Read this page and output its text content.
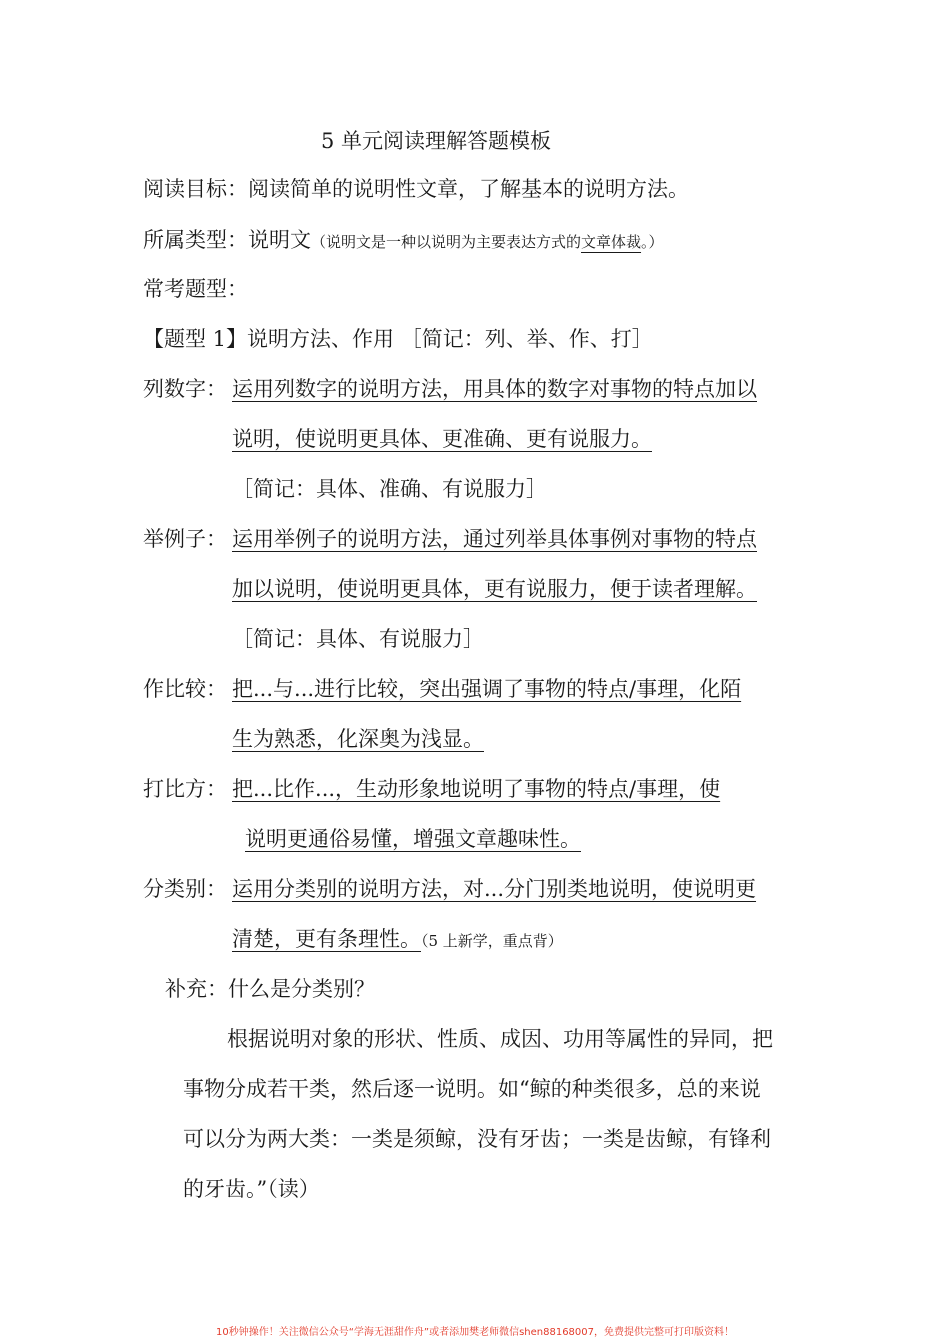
5 单元阅读理解答题模板
阅读目标：阅读简单的说明性文章，了解基本的说明方法。
所属类型：说明文（说明文是一种以说明为主要表达方式的文章体裁。）
常考题型：
【题型 1】说明方法、作用 ［简记：列、举、作、打］
列数字： 运用列数字的说明方法，用具体的数字对事物的特点加以
说明，使说明更具体、更准确、更有说服力。
［简记：具体、准确、有说服力］
举例子： 运用举例子的说明方法，通过列举具体事例对事物的特点
加以说明，使说明更具体，更有说服力，便于读者理解。
［简记：具体、有说服力］
作比较： 把...与...进行比较，突出强调了事物的特点/事理，化陌
生为熟悉，化深奥为浅显。
打比方： 把...比作...，生动形象地说明了事物的特点/事理，使
说明更通俗易懂，增强文章趣味性。
分类别： 运用分类别的说明方法，对...分门别类地说明，使说明更
清楚，更有条理性。（5 上新学，重点背）
补充：什么是分类别？
根据说明对象的形状、性质、成因、功用等属性的异同，把
事物分成若干类，然后逐一说明。如“鲸的种类很多，总的来说
可以分为两大类：一类是须鲸，没有牙齿；一类是齿鲸，有锋利
的牙齿。”（读）
10秒钟操作！关注微信公众号“学海无涯甜作舟”或者添加樊老师微信shen88168007，免费提供完整可打印版资料！
